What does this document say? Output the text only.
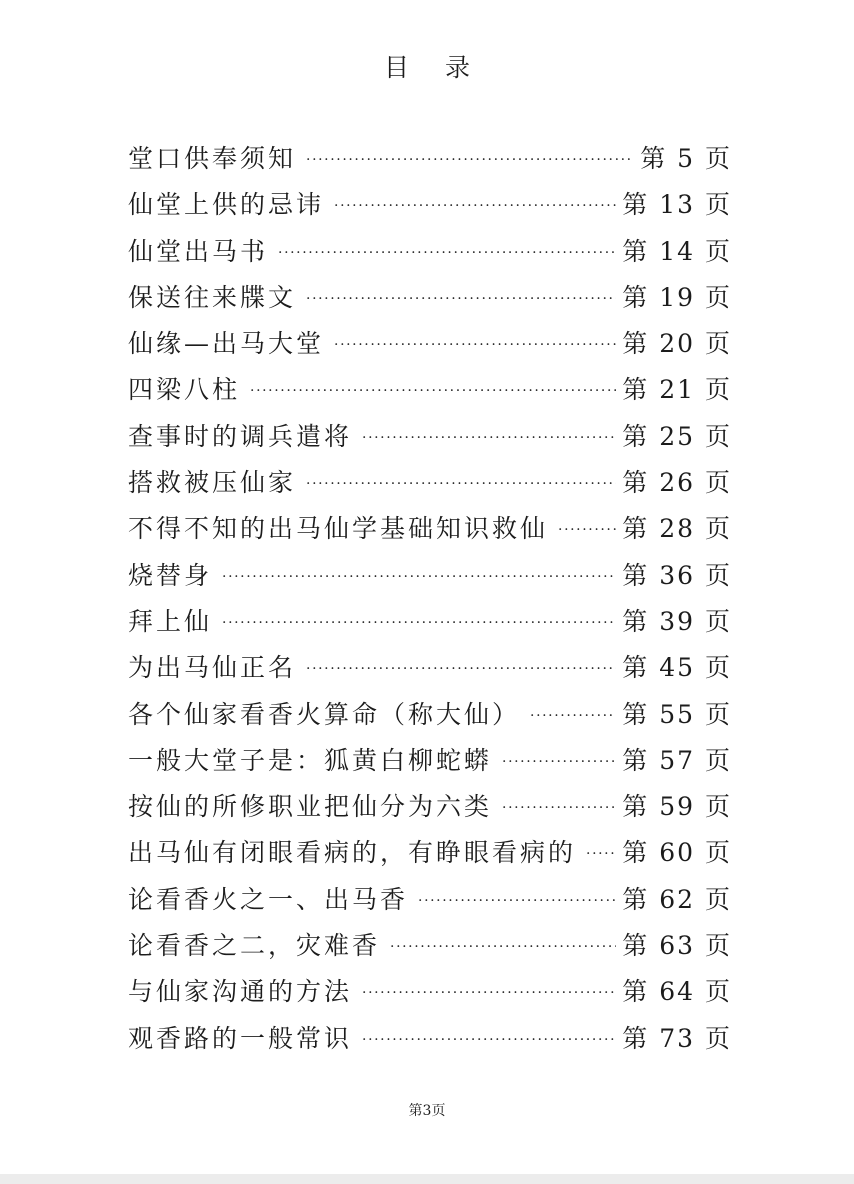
目 录
堂口供奉须知 ·····	第 5 页
仙堂上供的忌讳 ·····	第 13 页
仙堂出马书 ·····	第 14 页
保送往来牒文 ·····	第 19 页
仙缘—出马大堂 ·····	第 20 页
四梁八柱 ·····	第 21 页
查事时的调兵遣将 ·····	第 25 页
搭救被压仙家 ·····	第 26 页
不得不知的出马仙学基础知识救仙 ·····	第 28 页
烧替身 ·····	第 36 页
拜上仙 ·····	第 39 页
为出马仙正名 ·····	第 45 页
各个仙家看香火算命（称大仙） ·····	第 55 页
一般大堂子是：狐黄白柳蛇蟒 ·····	第 57 页
按仙的所修职业把仙分为六类 ·····	第 59 页
出马仙有闭眼看病的，有睁眼看病的 ····· 第 60 页
论看香火之一、出马香 ·····	第 62 页
论看香之二，灾难香 ·····	第 63 页
与仙家沟通的方法 ·····	第 64 页
观香路的一般常识 ·····	第 73 页
第3页
